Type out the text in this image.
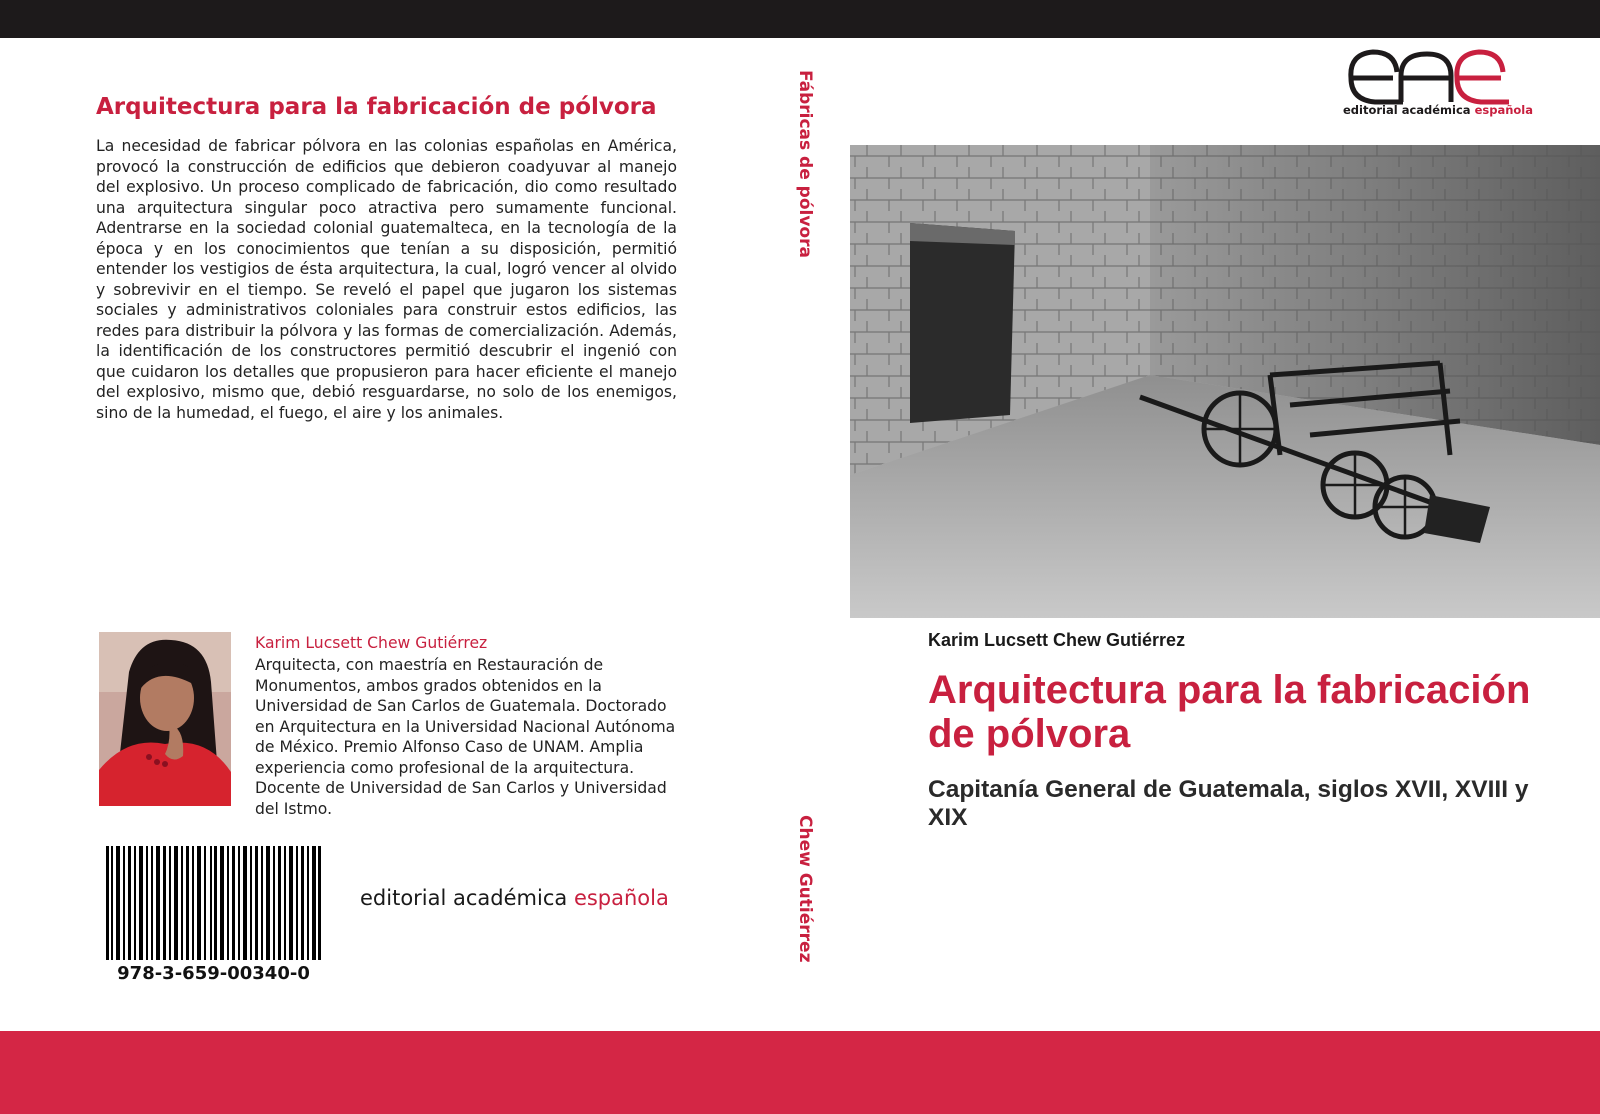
Arquitectura para la fabricación de pólvora

La necesidad de fabricar pólvora en las colonias españolas en América, provocó la construcción de edificios que debieron coadyuvar al manejo del explosivo. Un proceso complicado de fabricación, dio como resultado una arquitectura singular poco atractiva pero sumamente funcional. Adentrarse en la sociedad colonial guatemalteca, en la tecnología de la época y en los conocimientos que tenían a su disposición, permitió entender los vestigios de ésta arquitectura, la cual, logró vencer al olvido y sobrevivir en el tiempo. Se reveló el papel que jugaron los sistemas sociales y administrativos coloniales para construir estos edificios, las redes para distribuir la pólvora y las formas de comercialización. Además, la identificación de los constructores permitió descubrir el ingenió con que cuidaron los detalles que propusieron para hacer eficiente el manejo del explosivo, mismo que, debió resguardarse, no solo de los enemigos, sino de la humedad, el fuego, el aire y los animales.

Karim Lucsett Chew Gutiérrez

Arquitecta, con maestría en Restauración de Monumentos, ambos grados obtenidos en la Universidad de San Carlos de Guatemala. Doctorado en Arquitectura en la Universidad Nacional Autónoma de México. Premio Alfonso Caso de UNAM. Amplia experiencia como profesional de la arquitectura. Docente de Universidad de San Carlos y Universidad del Istmo.

978-3-659-00340-0
editorial académica española
Fábricas de pólvora
Chew Gutiérrez
editorial académica española
Karim Lucsett Chew Gutiérrez
Arquitectura para la fabricación de pólvora
Capitanía General de Guatemala, siglos XVII, XVIII y XIX
